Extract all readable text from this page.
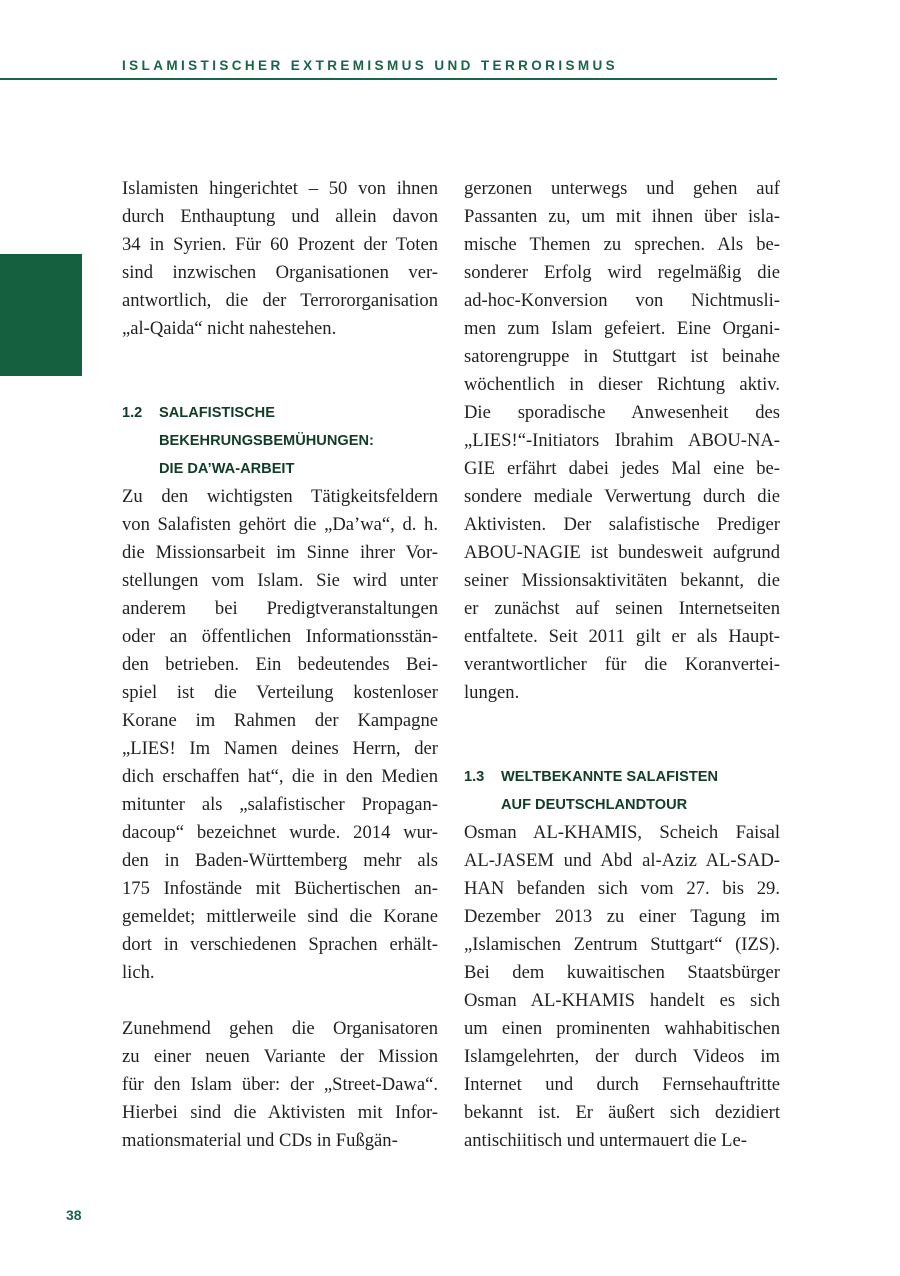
ISLAMISTISCHER EXTREMISMUS UND TERRORISMUS
Islamisten hingerichtet – 50 von ihnen
durch Enthauptung und allein davon
34 in Syrien. Für 60 Prozent der Toten
sind inzwischen Organisationen ver-
antwortlich, die der Terrororganisation
„al-Qaida“ nicht nahestehen.
1.2	SALAFISTISCHE
BEKEHRUNGSBEMÜHUNGEN:
DIE DA’WA-ARBEIT
Zu den wichtigsten Tätigkeitsfeldern
von Salafisten gehört die „Da’wa“, d. h.
die Missionsarbeit im Sinne ihrer Vor-
stellungen vom Islam. Sie wird unter
anderem bei Predigtveranstaltungen
oder an öffentlichen Informationsstän-
den betrieben. Ein bedeutendes Bei-
spiel ist die Verteilung kostenloser
Korane im Rahmen der Kampagne
„LIES! Im Namen deines Herrn, der
dich erschaffen hat“, die in den Medien
mitunter als „salafistischer Propagan-
dacoup“ bezeichnet wurde. 2014 wur-
den in Baden-Württemberg mehr als
175 Infostände mit Büchertischen an-
gemeldet; mittlerweile sind die Korane
dort in verschiedenen Sprachen erhält-
lich.
Zunehmend gehen die Organisatoren
zu einer neuen Variante der Mission
für den Islam über: der „Street-Dawa“.
Hierbei sind die Aktivisten mit Infor-
mationsmaterial und CDs in Fußgän-
gerzonen unterwegs und gehen auf
Passanten zu, um mit ihnen über isla-
mische Themen zu sprechen. Als be-
sonderer Erfolg wird regelmäßig die
ad-hoc-Konversion von Nichtmusli-
men zum Islam gefeiert. Eine Organi-
satorengruppe in Stuttgart ist beinahe
wöchentlich in dieser Richtung aktiv.
Die sporadische Anwesenheit des
„LIES!“-Initiators Ibrahim ABOU-NA-
GIE erfährt dabei jedes Mal eine be-
sondere mediale Verwertung durch die
Aktivisten. Der salafistische Prediger
ABOU-NAGIE ist bundesweit aufgrund
seiner Missionsaktivitäten bekannt, die
er zunächst auf seinen Internetseiten
entfaltete. Seit 2011 gilt er als Haupt-
verantwortlicher für die Koranvertei-
lungen.
1.3	WELTBEKANNTE SALAFISTEN
AUF DEUTSCHLANDTOUR
Osman AL-KHAMIS, Scheich Faisal
AL-JASEM und Abd al-Aziz AL-SAD-
HAN befanden sich vom 27. bis 29.
Dezember 2013 zu einer Tagung im
„Islamischen Zentrum Stuttgart“ (IZS).
Bei dem kuwaitischen Staatsbürger
Osman AL-KHAMIS handelt es sich
um einen prominenten wahhabitischen
Islamgelehrten, der durch Videos im
Internet und durch Fernsehauftritte
bekannt ist. Er äußert sich dezidiert
antischiitisch und untermauert die Le-
38
